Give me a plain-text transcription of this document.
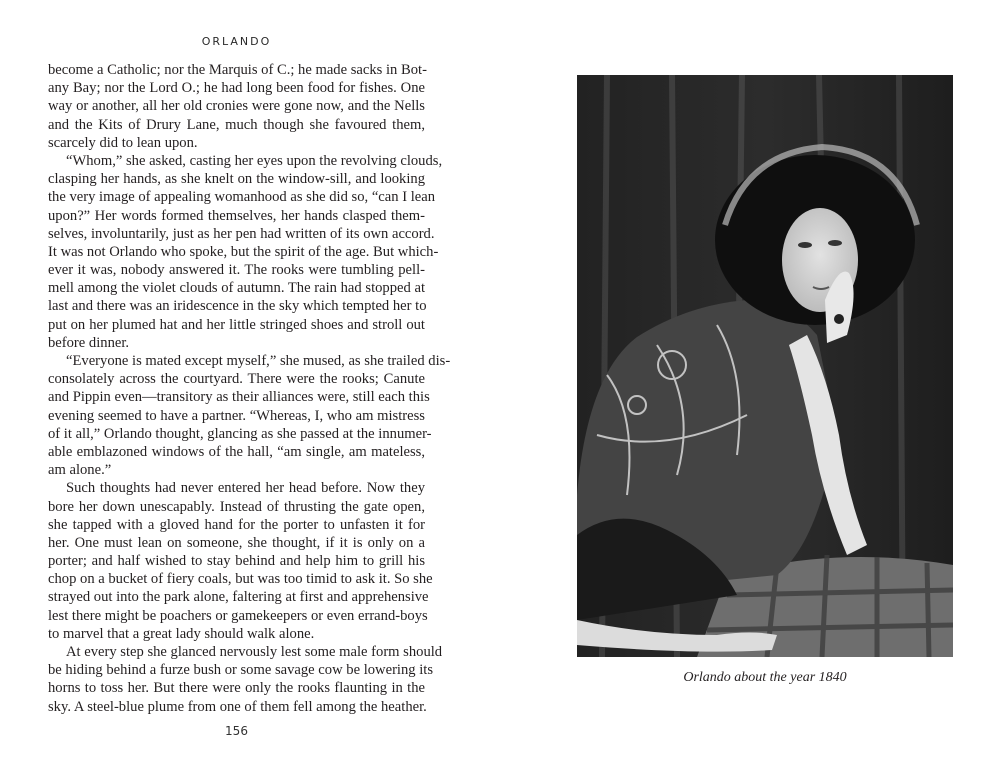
ORLANDO
become a Catholic; nor the Marquis of C.; he made sacks in Bot-
any Bay; nor the Lord O.; he had long been food for fishes. One
way or another, all her old cronies were gone now, and the Nells
and the Kits of Drury Lane, much though she favoured them,
scarcely did to lean upon.
“Whom,” she asked, casting her eyes upon the revolving clouds,
clasping her hands, as she knelt on the window-sill, and looking
the very image of appealing womanhood as she did so, “can I lean
upon?” Her words formed themselves, her hands clasped them-
selves, involuntarily, just as her pen had written of its own accord.
It was not Orlando who spoke, but the spirit of the age. But which-
ever it was, nobody answered it. The rooks were tumbling pell-
mell among the violet clouds of autumn. The rain had stopped at
last and there was an iridescence in the sky which tempted her to
put on her plumed hat and her little stringed shoes and stroll out
before dinner.
“Everyone is mated except myself,” she mused, as she trailed dis-
consolately across the courtyard. There were the rooks; Canute
and Pippin even—transitory as their alliances were, still each this
evening seemed to have a partner. “Whereas, I, who am mistress
of it all,” Orlando thought, glancing as she passed at the innumer-
able emblazoned windows of the hall, “am single, am mateless,
am alone.”
Such thoughts had never entered her head before. Now they
bore her down unescapably. Instead of thrusting the gate open,
she tapped with a gloved hand for the porter to unfasten it for
her. One must lean on someone, she thought, if it is only on a
porter; and half wished to stay behind and help him to grill his
chop on a bucket of fiery coals, but was too timid to ask it. So she
strayed out into the park alone, faltering at first and apprehensive
lest there might be poachers or gamekeepers or even errand-boys
to marvel that a great lady should walk alone.
At every step she glanced nervously lest some male form should
be hiding behind a furze bush or some savage cow be lowering its
horns to toss her. But there were only the rooks flaunting in the
sky. A steel-blue plume from one of them fell among the heather.
156
Orlando about the year 1840
